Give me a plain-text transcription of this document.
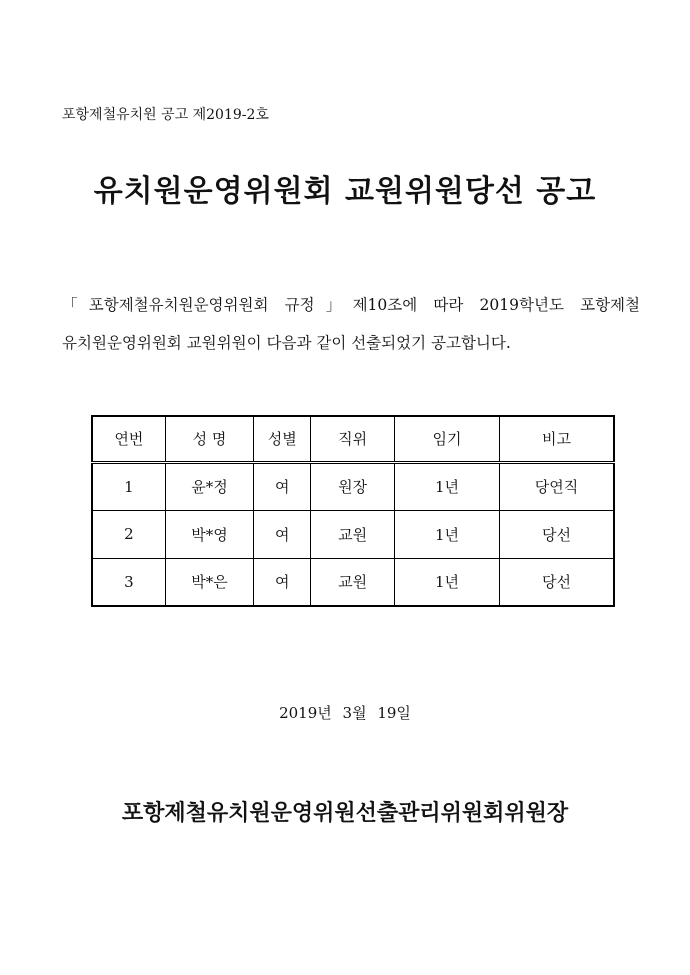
포항제철유치원 공고 제2019-2호
유치원운영위원회 교원위원당선 공고
「포항제철유치원운영위원회 규정」제10조에 따라 2019학년도 포항제철
유치원운영위원회 교원위원이 다음과 같이 선출되었기 공고합니다.
연번	성 명	성별	직위	임기	비고
1	윤*정	여	원장	1년	당연직
2	박*영	여	교원	1년	당선
3	박*은	여	교원	1년	당선
2019년 3월 19일
포항제철유치원운영위원선출관리위원회위원장
